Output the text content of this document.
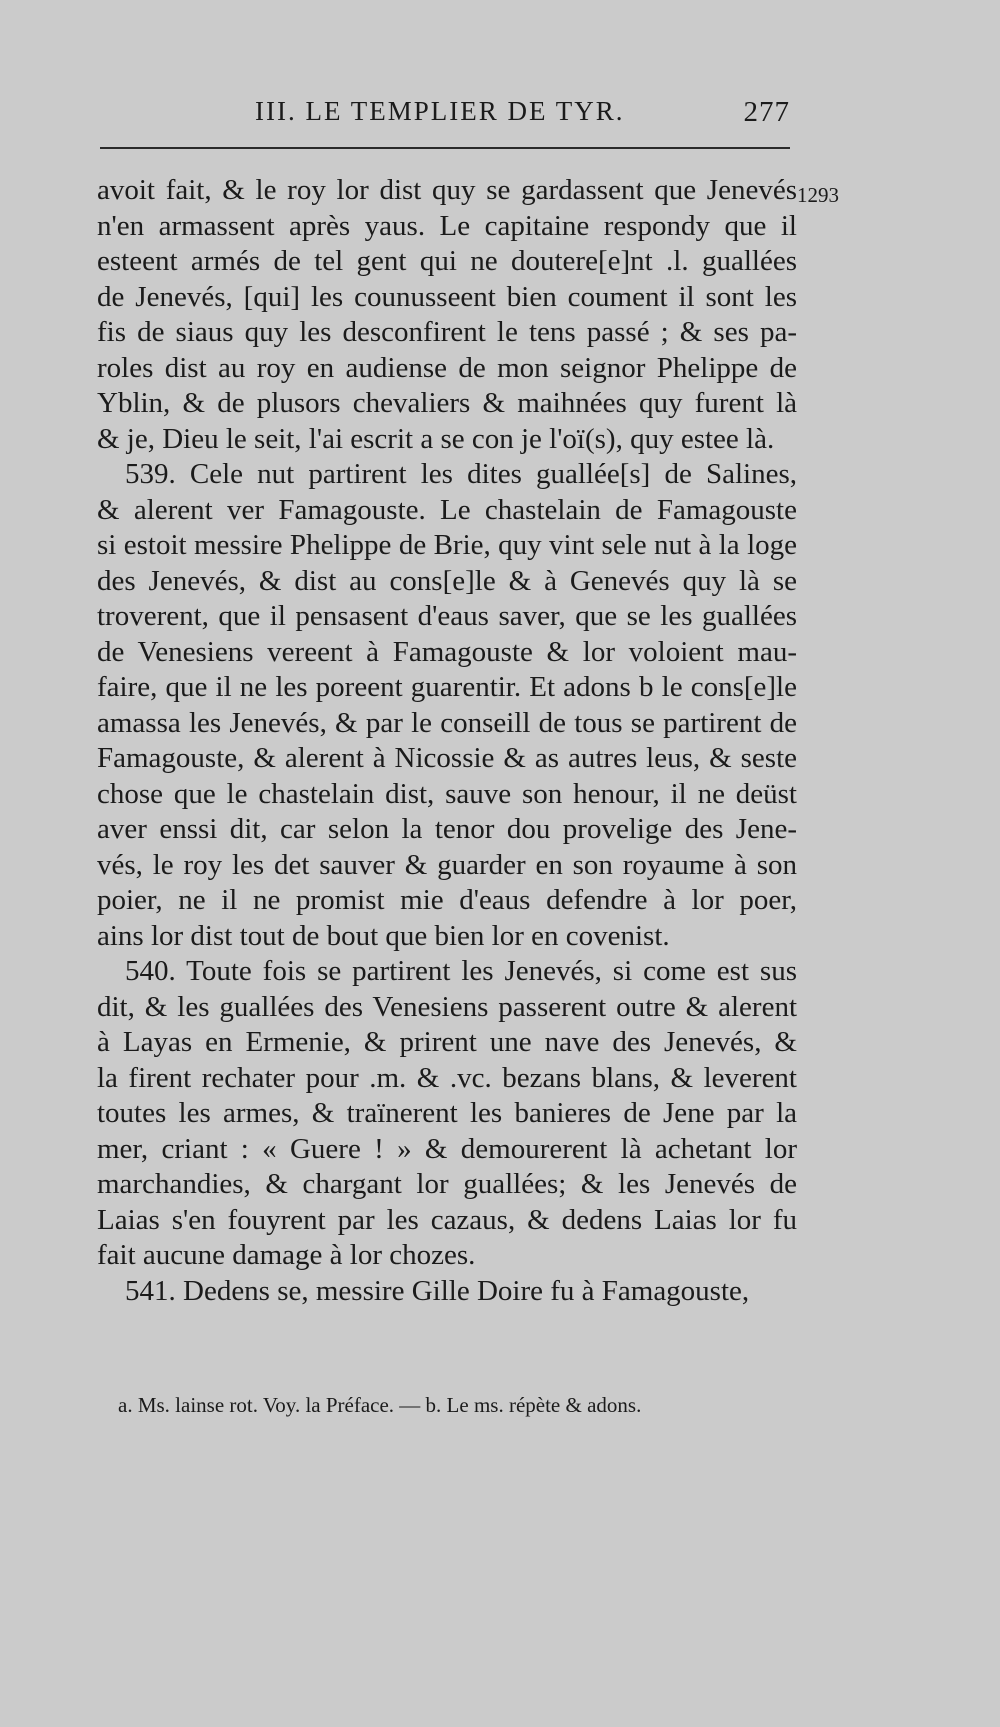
III. LE TEMPLIER DE TYR.	277
1293
avoit fait, & le roy lor dist quy se gardassent que Jenevés
n'en armassent après yaus. Le capitaine respondy que il
esteent armés de tel gent qui ne doutere[e]nt .l. guallées
de Jenevés, [qui] les counusseent bien coument il sont les
fis de siaus quy les desconfirent le tens passé ; & ses pa-
roles dist au roy en audiense de mon seignor Phelippe de
Yblin, & de plusors chevaliers & maihnées quy furent là
& je, Dieu le seit, l'ai escrit a se con je l'oï(s), quy estee là.
539. Cele nut partirent les dites guallée[s] de Salines,
& alerent ver Famagouste. Le chastelain de Famagouste
si estoit messire Phelippe de Brie, quy vint sele nut à la loge
des Jenevés, & dist au cons[e]le & à Genevés quy là se
troverent, que il pensasent d'eaus saver, que se les guallées
de Venesiens vereent à Famagouste & lor voloient mau-
faire, que il ne les poreent guarentir. Et adons b le cons[e]le
amassa les Jenevés, & par le conseill de tous se partirent de
Famagouste, & alerent à Nicossie & as autres leus, & seste
chose que le chastelain dist, sauve son henour, il ne deüst
aver enssi dit, car selon la tenor dou provelige des Jene-
vés, le roy les det sauver & guarder en son royaume à son
poier, ne il ne promist mie d'eaus defendre à lor poer,
ains lor dist tout de bout que bien lor en covenist.
540. Toute fois se partirent les Jenevés, si come est sus
dit, & les guallées des Venesiens passerent outre & alerent
à Layas en Ermenie, & prirent une nave des Jenevés, &
la firent rechater pour .m. & .vc. bezans blans, & leverent
toutes les armes, & traïnerent les banieres de Jene par la
mer, criant : « Guere ! » & demourerent là achetant lor
marchandies, & chargant lor guallées; & les Jenevés de
Laias s'en fouyrent par les cazaus, & dedens Laias lor fu
fait aucune damage à lor chozes.
541. Dedens se, messire Gille Doire fu à Famagouste,
a. Ms. lainse rot. Voy. la Préface. — b. Le ms. répète & adons.
